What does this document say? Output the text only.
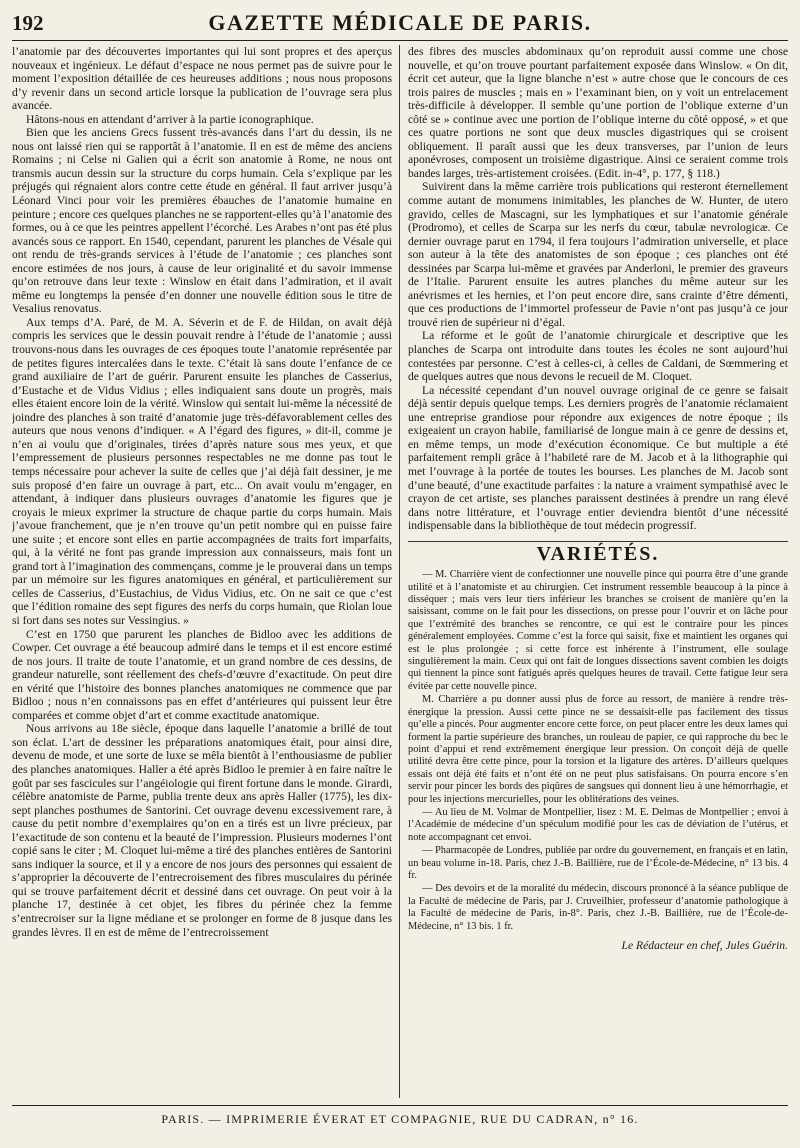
192	GAZETTE MÉDICALE DE PARIS.

l’anatomie par des découvertes importantes qui lui sont propres et des aperçus nouveaux et ingénieux. Le défaut d’espace ne nous permet pas de suivre pour le moment l’exposition détaillée de ces heureuses additions ; nous nous proposons d’y revenir dans un second article lorsque la publication de l’ouvrage sera plus avancée.

Hâtons-nous en attendant d’arriver à la partie iconographique.

Bien que les anciens Grecs fussent très-avancés dans l’art du dessin, ils ne nous ont laissé rien qui se rapportât à l’anatomie. Il en est de même des anciens Romains ; ni Celse ni Galien qui a écrit son anatomie à Rome, ne nous ont transmis aucun dessin sur la structure du corps humain. Cela s’explique par les préjugés qui régnaient alors contre cette étude en général. Il faut arriver jusqu’à Léonard Vinci pour voir les premières ébauches de l’anatomie humaine en peinture ; encore ces quelques planches ne se rapportent-elles qu’à l’anatomie des formes, ou à ce que les peintres appellent l’écorché. Les Arabes n’ont pas été plus avancés sous ce rapport. En 1540, cependant, parurent les planches de Vésale qui ont rendu de très-grands services à l’étude de l’anatomie ; ces planches sont encore estimées de nos jours, à cause de leur originalité et du savoir immense qu’on retrouve dans leur texte : Winslow en était dans l’admiration, et il avait même eu longtemps la pensée d’en donner une nouvelle édition sous le titre de Vesalius renovatus.

Aux temps d’A. Paré, de M. A. Séverin et de F. de Hildan, on avait déjà compris les services que le dessin pouvait rendre à l’étude de l’anatomie ; aussi trouvons-nous dans les ouvrages de ces époques toute l’anatomie représentée par de petites figures intercalées dans le texte. C’était là sans doute l’enfance de ce grand auxiliaire de l’art de guérir. Parurent ensuite les planches de Casserius, d’Eustache et de Vidus Vidius ; elles indiquaient sans doute un progrès, mais elles étaient encore loin de la vérité. Winslow qui sentait lui-même la nécessité de joindre des planches à son traité d’anatomie juge très-défavorablement celles des auteurs que nous venons d’indiquer. « A l’égard des figures, » dit-il, comme je n’en ai voulu que d’originales, tirées d’après nature sous mes yeux, et que l’empressement de plusieurs personnes respectables ne me donne pas tout le temps nécessaire pour achever la suite de celles que j’ai déjà fait dessiner, je me suis proposé d’en faire un ouvrage à part, etc... On avait voulu m’engager, en attendant, à indiquer dans plusieurs ouvrages d’anatomie les figures que je croyais le mieux exprimer la structure de chaque partie du corps humain. Mais j’avoue franchement, que je n’en trouve qu’un petit nombre qui en puisse faire une suite ; et encore sont elles en partie accompagnées de traits fort imparfaits, qui, à la vérité ne font pas grande impression aux connaisseurs, mais font un grand tort à l’imagination des commençans, comme je le prouverai dans un temps par un mémoire sur les figures anatomiques en général, et particulièrement sur celles de Casserius, d’Eustachius, de Vidus Vidius, etc. On ne sait ce que c’est que l’édition romaine des sept figures des nerfs du corps humain, que Riolan loue si fort dans ses notes sur Vessingius. »

C’est en 1750 que parurent les planches de Bidloo avec les additions de Cowper. Cet ouvrage a été beaucoup admiré dans le temps et il est encore estimé de nos jours. Il traite de toute l’anatomie, et un grand nombre de ces dessins, de grandeur naturelle, sont réellement des chefs-d’œuvre d’exactitude. On peut dire en vérité que l’histoire des bonnes planches anatomiques ne commence que par Bidloo ; nous n’en connaissons pas en effet d’antérieures qui puissent leur être comparées et comme objet d’art et comme exactitude anatomique.

Nous arrivons au 18e siècle, époque dans laquelle l’anatomie a brillé de tout son éclat. L’art de dessiner les préparations anatomiques était, pour ainsi dire, devenu de mode, et une sorte de luxe se mêla bientôt à l’enthousiasme de publier des planches anatomiques. Haller a été après Bidloo le premier à en faire naître le goût par ses fascicules sur l’angéiologie qui firent fortune dans le monde. Girardi, célèbre anatomiste de Parme, publia trente deux ans après Haller (1775), les dix-sept planches posthumes de Santorini. Cet ouvrage devenu excessivement rare, à cause du petit nombre d’exemplaires qu’on en a tirés est un livre précieux, par l’exactitude de son contenu et la beauté de l’impression. Plusieurs modernes l’ont copié sans le citer ; M. Cloquet lui-même a tiré des planches entières de Santorini sans indiquer la source, et il y a encore de nos jours des personnes qui essaient de s’approprier la découverte de l’entrecroisement des fibres musculaires du périnée qui se trouve parfaitement décrit et dessiné dans cet ouvrage. On peut voir à la planche 17, destinée à cet objet, les fibres du périnée chez la femme s’entrecroiser sur la ligne médiane et se prolonger en forme de 8 jusque dans les grandes lèvres. Il en est de même de l’entrecroissement

des fibres des muscles abdominaux qu’on reproduit aussi comme une chose nouvelle, et qu’on trouve pourtant parfaitement exposée dans Winslow. « On dit, écrit cet auteur, que la ligne blanche n’est » autre chose que le concours de ces trois paires de muscles ; mais en » l’examinant bien, on y voit un entrelacement très-difficile à développer. Il semble qu’une portion de l’oblique externe d’un côté se » continue avec une portion de l’oblique interne du côté opposé, » et que ces quatre portions ne sont que deux muscles digastriques qui se croisent obliquement. Il paraît aussi que les deux transverses, par l’union de leurs aponévroses, composent un troisième digastrique. Ainsi ce seraient comme trois bandes larges, très-artistement croisées. (Edit. in-4°, p. 177, § 118.)

Suivirent dans la même carrière trois publications qui resteront éternellement comme autant de monumens inimitables, les planches de W. Hunter, de utero gravido, celles de Mascagni, sur les lymphatiques et sur l’anatomie générale (Prodromo), et celles de Scarpa sur les nerfs du cœur, tabulæ nevrologicæ. Ce dernier ouvrage parut en 1794, il fera toujours l’admiration universelle, et place son auteur à la tête des anatomistes de son époque ; ces planches ont été dessinées par Scarpa lui-même et gravées par Anderloni, le premier des graveurs de l’Italie. Parurent ensuite les autres planches du même auteur sur les anévrismes et les hernies, et l’on peut encore dire, sans crainte d’être démenti, que ces productions de l’immortel professeur de Pavie n’ont pas jusqu’à ce jour trouvé rien de supérieur ni d’égal.

La réforme et le goût de l’anatomie chirurgicale et descriptive que les planches de Scarpa ont introduite dans toutes les écoles ne sont aujourd’hui contestées par personne. C’est à celles-ci, à celles de Caldani, de Sœmmering et de quelques autres que nous devons le recueil de M. Cloquet.

La nécessité cependant d’un nouvel ouvrage original de ce genre se faisait déjà sentir depuis quelque temps. Les derniers progrès de l’anatomie réclamaient une entreprise grandiose pour répondre aux exigences de notre époque ; ils exigeaient un crayon habile, familiarisé de longue main à ce genre de dessins et, en même temps, un mode d’exécution économique. Ce but multiple a été parfaitement rempli grâce à l’habileté rare de M. Jacob et à la lithographie qui met l’ouvrage à la portée de toutes les bourses. Les planches de M. Jacob sont d’une beauté, d’une exactitude parfaites : la nature a vraiment sympathisé avec le crayon de cet artiste, ses planches paraissent destinées à prendre un rang élevé dans notre littérature, et l’ouvrage entier deviendra bientôt d’une nécessité indispensable dans la bibliothèque de tout médecin progressif.

VARIÉTÉS.

— M. Charrière vient de confectionner une nouvelle pince qui pourra être d’une grande utilité et à l’anatomiste et au chirurgien. Cet instrument ressemble beaucoup à la pince à disséquer ; mais vers leur tiers inférieur les branches se croisent de manière qu’en la saisissant, comme on le fait pour les dissections, on presse pour l’ouvrir et on lâche pour que l’extrémité des branches se rencontre, ce qui est le contraire pour les pinces généralement employées. Comme c’est la force qui saisit, fixe et maintient les organes qui est le plus prolongée ; si cette force est inhérente à l’instrument, elle soulage singulièrement la main. Ceux qui ont fait de longues dissections savent combien les doigts qui tiennent la pince sont fatigués après quelques heures de travail. Cette fatigue leur sera évitée par cette nouvelle pince.

M. Charrière a pu donner aussi plus de force au ressort, de manière à rendre très-énergique la pression. Aussi cette pince ne se dessaisit-elle pas facilement des tissus qu’elle a pincés. Pour augmenter encore cette force, on peut placer entre les deux lames qui forment la partie supérieure des branches, un rouleau de papier, ce qui rapproche du bec le point d’appui et rend extrêmement énergique leur pression. On conçoit déjà de quelle utilité devra être cette pince, pour la torsion et la ligature des artères. D’ailleurs quelques essais ont déjà été faits et n’ont été on ne peut plus satisfaisans. On pourra encore s’en servir pour pincer les bords des piqûres de sangsues qui donnent lieu à une hémorrhagie, et pour les injections mercurielles, pour les oblitérations des veines.

— Au lieu de M. Volmar de Montpellier, lisez : M. E. Delmas de Montpellier ; envoi à l’Académie de médecine d’un spéculum modifié pour les cas de déviation de l’utérus, et note accompagnant cet envoi.

— Pharmacopée de Londres, publiée par ordre du gouvernement, en français et en latin, un beau volume in-18. Paris, chez J.-B. Baillière, rue de l’École-de-Médecine, n° 13 bis. 4 fr.

— Des devoirs et de la moralité du médecin, discours prononcé à la séance publique de la Faculté de médecine de Paris, par J. Cruveilhier, professeur d’anatomie pathologique à la Faculté de médecine de Paris, in-8°. Paris, chez J.-B. Baillière, rue de l’École-de-Médecine, n° 13 bis. 1 fr.

Le Rédacteur en chef, Jules Guérin.
PARIS. — IMPRIMERIE ÉVERAT ET COMPAGNIE, RUE DU CADRAN, n° 16.
